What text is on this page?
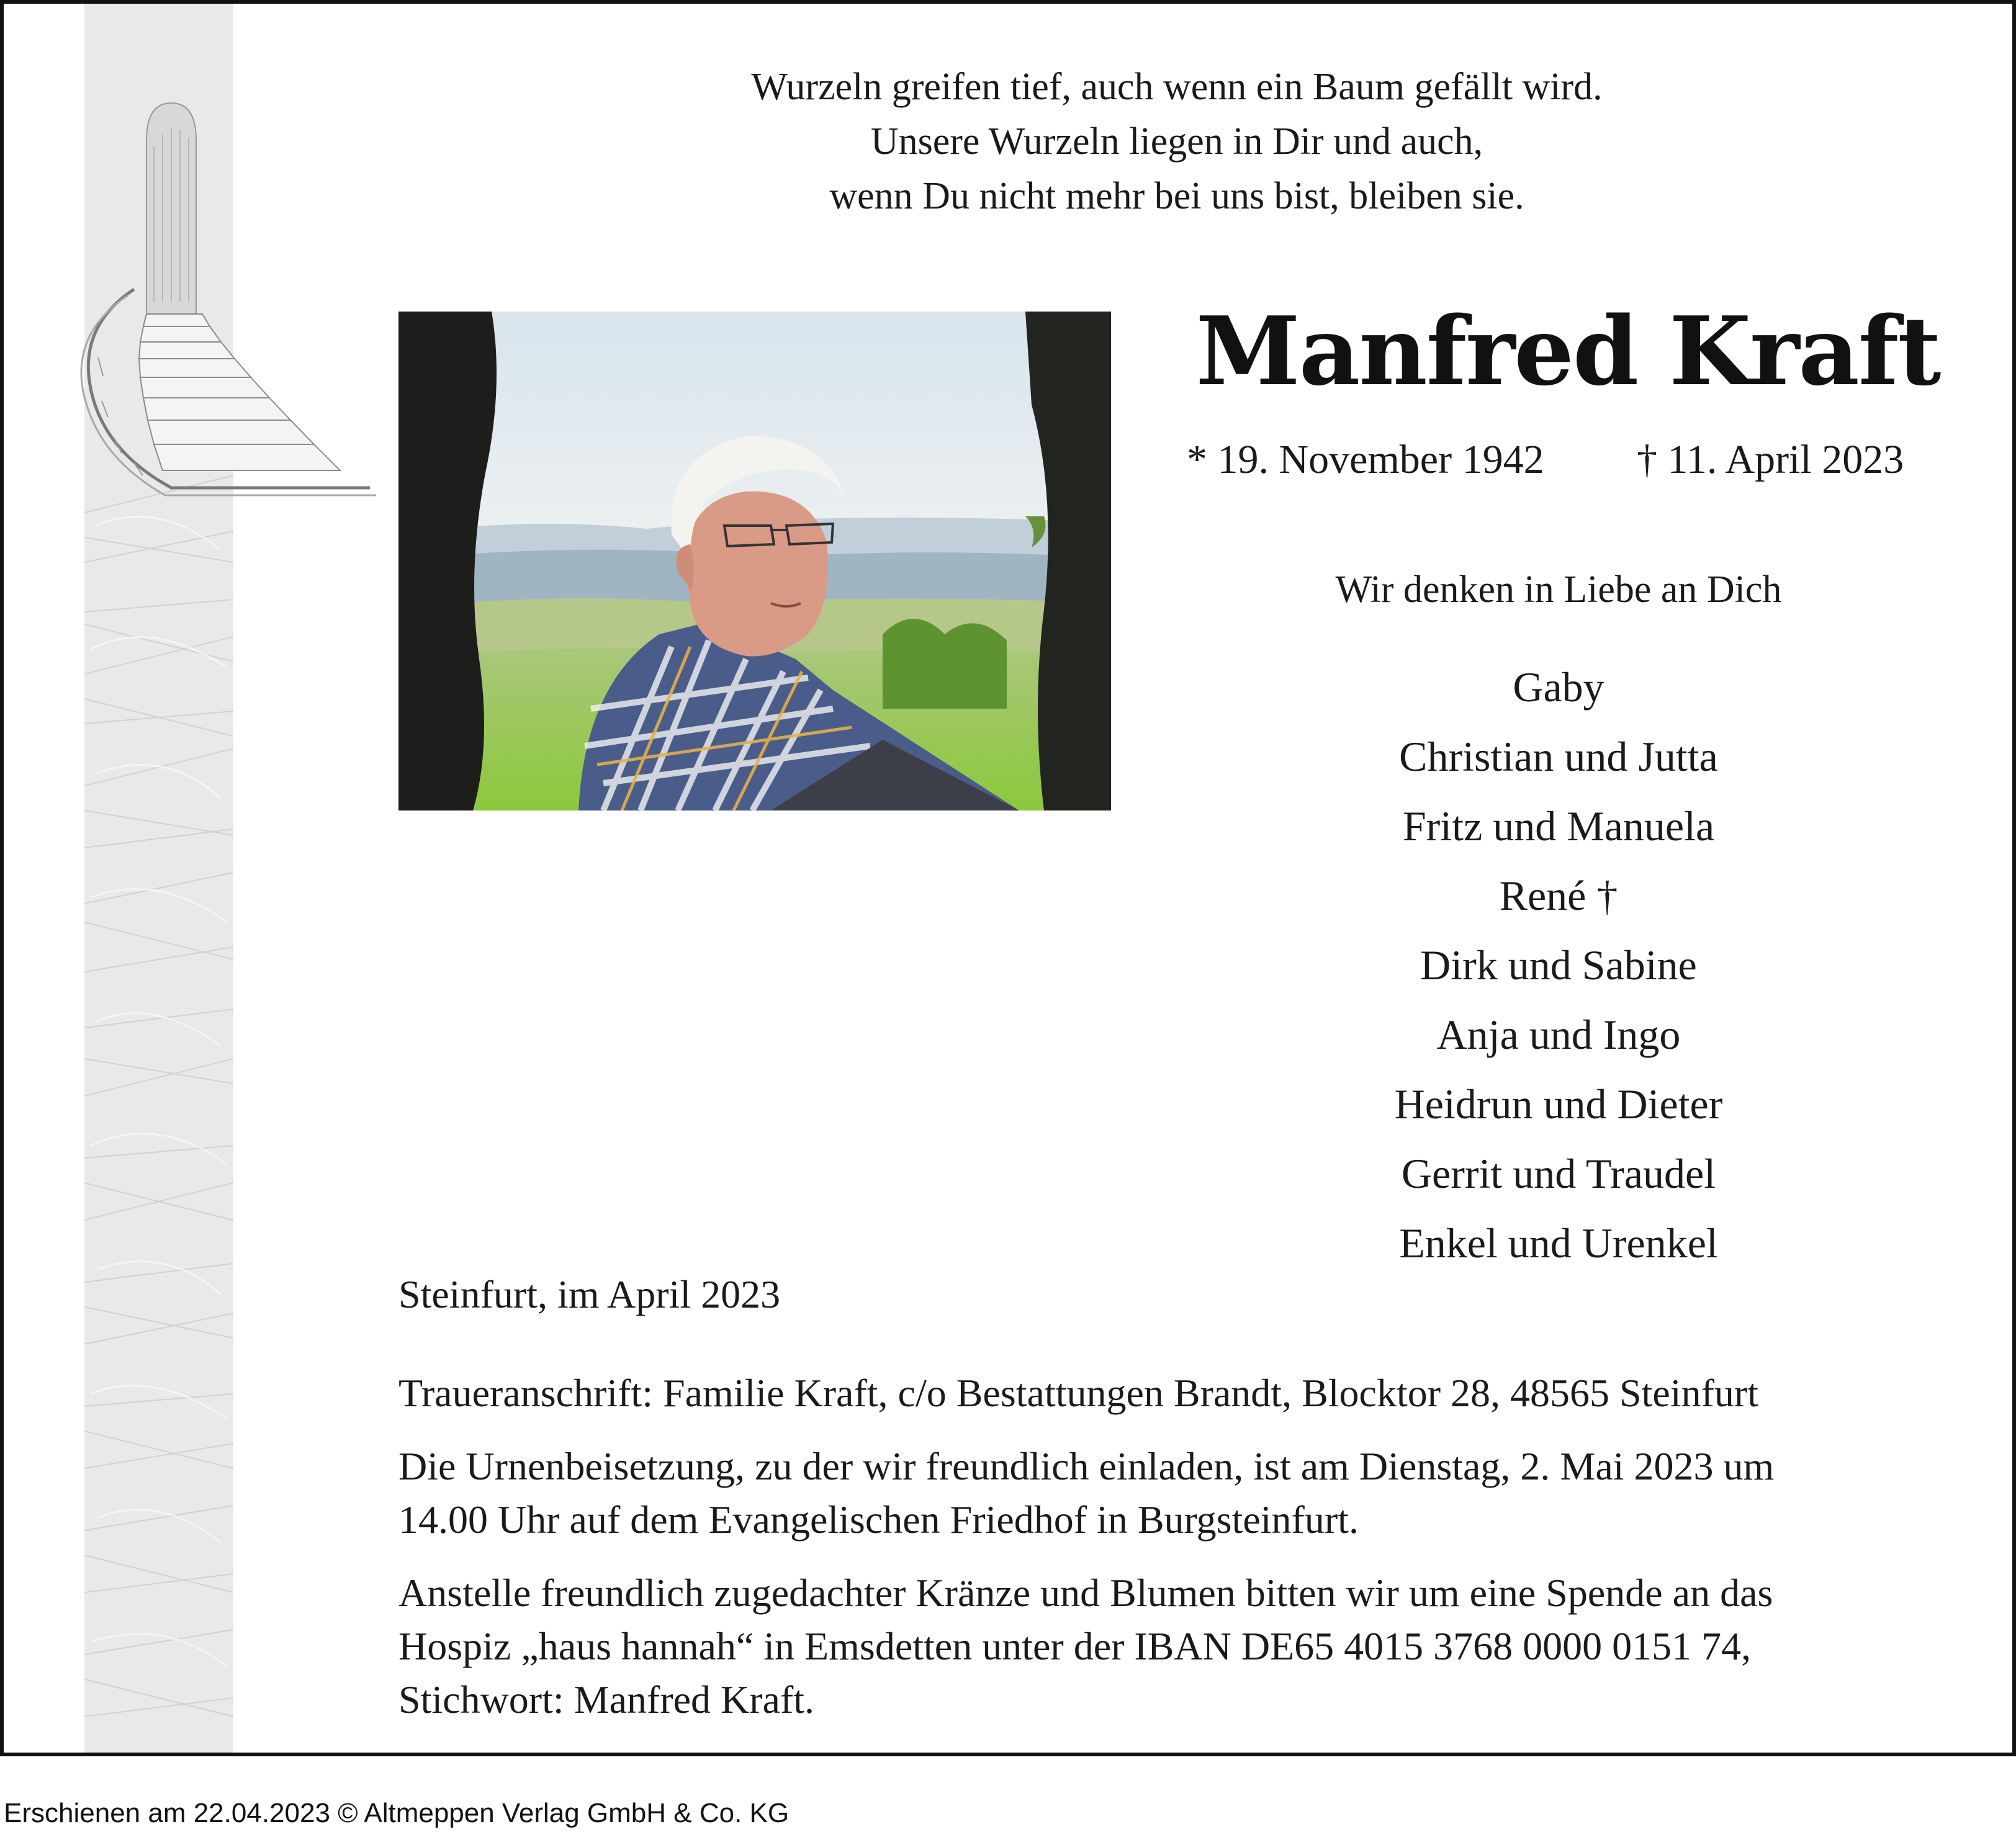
Wurzeln greifen tief, auch wenn ein Baum gefällt wird.
Unsere Wurzeln liegen in Dir und auch,
wenn Du nicht mehr bei uns bist, bleiben sie.
Manfred Kraft
* 19. November 1942 † 11. April 2023
Wir denken in Liebe an Dich
Gaby
Christian und Jutta
Fritz und Manuela
René †
Dirk und Sabine
Anja und Ingo
Heidrun und Dieter
Gerrit und Traudel
Enkel und Urenkel
Steinfurt, im April 2023
Traueranschrift: Familie Kraft, c/o Bestattungen Brandt, Blocktor 28, 48565 Steinfurt
Die Urnenbeisetzung, zu der wir freundlich einladen, ist am Dienstag, 2. Mai 2023 um
14.00 Uhr auf dem Evangelischen Friedhof in Burgsteinfurt.
Anstelle freundlich zugedachter Kränze und Blumen bitten wir um eine Spende an das
Hospiz „haus hannah“ in Emsdetten unter der IBAN DE65 4015 3768 0000 0151 74,
Stichwort: Manfred Kraft.
Erschienen am 22.04.2023 © Altmeppen Verlag GmbH & Co. KG
